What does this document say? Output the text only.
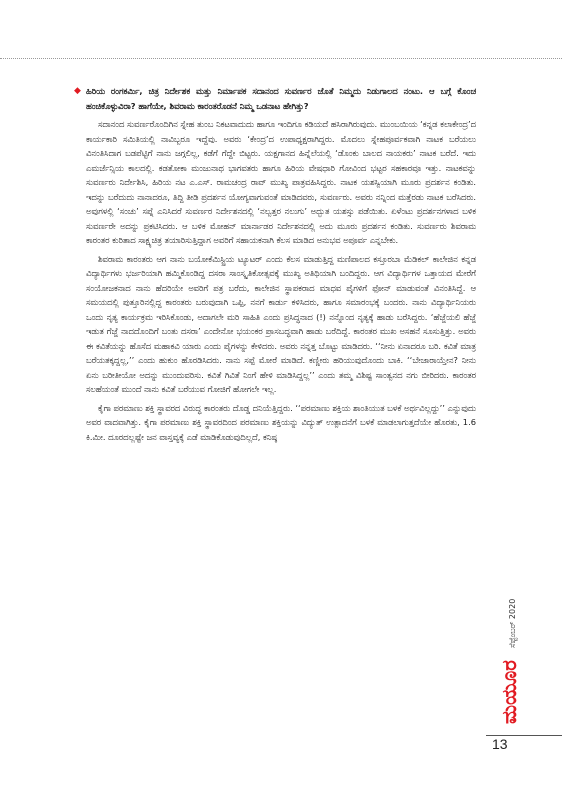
◆ ಹಿರಿಯ ರಂಗಕರ್ಮಿ, ಚಿತ್ರ ನಿರ್ದೇಶಕ ಮತ್ತು ನಿರ್ಮಾಪಕ ಸದಾನಂದ ಸುವರ್ಣರ ಜೊತೆ ನಿಮ್ಮದು ನಿಡುಗಾಲದ ನಂಟು. ಆ ಬಗ್ಗೆ ಕೊಂಚ ಹಂಚಿಕೊಳ್ಳುವಿರಾ? ಹಾಗೆಯೇ, ಶಿವರಾಮ ಕಾರಂತರೊಡನೆ ನಿಮ್ಮ ಒಡನಾಟ ಹೇಗಿತ್ತು?

ಸದಾನಂದ ಸುವರ್ಣರೊಂದಿಗಿನ ಸ್ನೇಹ ತುಂಬ ನಿಕಟವಾದುದು ಹಾಗೂ ಇಂದಿಗೂ ಕಡಿಯದೆ ಹಸಿರಾಗಿರುವುದು. ಮುಂಬಯಿಯ ‘ಕನ್ನಡ ಕಲಾಕೇಂದ್ರ’ದ ಕಾರ್ಯಕಾರಿ ಸಮಿತಿಯಲ್ಲಿ ನಾವಿಬ್ಬರೂ ಇದ್ದೆವು. ಅವರು ‘ಕೇಂದ್ರ’ದ ಉಪಾಧ್ಯಕ್ಷರಾಗಿದ್ದರು. ಮೊದಲು ಸ್ನೇಹಪೂರ್ವಕವಾಗಿ ನಾಟಕ ಬರೆಯಲು ವಿನಂತಿಸಿದಾಗ ಬಡಪೆಟ್ಟಿಗೆ ನಾನು ಜಗ್ಗಲಿಲ್ಲ, ಕಡೆಗೆ ಗೆದ್ದೇ ಬಿಟ್ಟರು. ಯಕ್ಷಗಾನದ ಹಿನ್ನೆಲೆಯಲ್ಲಿ ‘ಡೊಂಕು ಬಾಲದ ನಾಯಕರು’ ನಾಟಕ ಬರೆದೆ. ಇದು ಎಮರ್ಜೆನ್ಸಿಯ ಕಾಲದಲ್ಲಿ. ಕಡತೋಕಾ ಮಂಜುನಾಥ ಭಾಗವತರು ಹಾಗೂ ಹಿರಿಯ ವೇಷಧಾರಿ ಗೋವಿಂದ ಭಟ್ಟರ ಸಹಕಾರವೂ ಇತ್ತು. ನಾಟಕವನ್ನು ಸುವರ್ಣರು ನಿರ್ದೇಶಿಸಿ, ಹಿರಿಯ ನಟ ಎ.ಎಸ್. ರಾಮಚಂದ್ರ ರಾವ್ ಮುಖ್ಯ ಪಾತ್ರವಹಿಸಿದ್ದರು. ನಾಟಕ ಯಶಸ್ವಿಯಾಗಿ ಮೂರು ಪ್ರದರ್ಶನ ಕಂಡಿತು. ಇದನ್ನು ಬರೆದುದು ನಾನಾದರೂ, ತಿದ್ದಿ ತೀಡಿ ಪ್ರದರ್ಶನ ಯೋಗ್ಯವಾಗುವಂತೆ ಮಾಡಿದವರು, ಸುವರ್ಣರು. ಅವರು ನನ್ನಿಂದ ಮತ್ತೆರಡು ನಾಟಕ ಬರೆಸಿದರು. ಅವುಗಳಲ್ಲಿ ‘ಸಂಚು’ ಸಪ್ನೆ ಎನಿಸಿದರೆ ಸುವರ್ಣರ ನಿರ್ದೇಶನದಲ್ಲಿ ‘ನಲ್ವತ್ತರ ನಲುಗು’ ಅದ್ಭುತ ಯಶಸ್ಸು ಪಡೆಯಿತು. ಏಳೆಂಟು ಪ್ರದರ್ಶನಗಳಾದ ಬಳಿಕ ಸುವರ್ಣರೇ ಅದನ್ನು ಪ್ರಕಟಿಸಿದರು. ಆ ಬಳಿಕ ಮೋಹನ್ ಮಾರ್ನಾಡರ ನಿರ್ದೇಶನದಲ್ಲಿ ಅದು ಮೂರು ಪ್ರದರ್ಶನ ಕಂಡಿತು. ಸುವರ್ಣರು ಶಿವರಾಮ ಕಾರಂತರ ಕುರಿತಾದ ಸಾಕ್ಷ್ಯಚಿತ್ರ ತಯಾರಿಸುತ್ತಿದ್ದಾಗ ಅವರಿಗೆ ಸಹಾಯಕನಾಗಿ ಕೆಲಸ ಮಾಡಿದ ಅನುಭವ ಅಪೂರ್ವ ಎನ್ನಬೇಕು.

ಶಿವರಾಮ ಕಾರಂತರು ಆಗ ನಾನು ಬಯೋಕೆಮಿಸ್ಟ್ರಿಯ ಟ್ಯೂಟರ್ ಎಂದು ಕೆಲಸ ಮಾಡುತ್ತಿದ್ದ ಮಣಿಪಾಲದ ಕಸ್ತೂರಬಾ ಮೆಡಿಕಲ್ ಕಾಲೇಜಿನ ಕನ್ನಡ ವಿದ್ಯಾರ್ಥಿಗಳು ಭರ್ಜರಿಯಾಗಿ ಹಮ್ಮಿಕೊಂಡಿದ್ದ ದಸರಾ ಸಾಂಸ್ಕೃತಿಕೋತ್ಸವಕ್ಕೆ ಮುಖ್ಯ ಅತಿಥಿಯಾಗಿ ಬಂದಿದ್ದರು. ಆಗ ವಿದ್ಯಾರ್ಥಿಗಳ ಒತ್ತಾಯದ ಮೇರೆಗೆ ಸಂಯೋಜಕನಾದ ನಾನು ಹೆದರಿಯೇ ಅವರಿಗೆ ಪತ್ರ ಬರೆದು, ಕಾಲೇಜಿನ ಸ್ಥಾಪಕರಾದ ಮಾಧವ ಪೈಗಳಿಗೆ ಫೋನ್ ಮಾಡುವಂತೆ ವಿನಂತಿಸಿದ್ದೆ. ಆ ಸಮಯದಲ್ಲಿ ಪುತ್ತೂರಿನಲ್ಲಿದ್ದ ಕಾರಂತರು ಬರುವುದಾಗಿ ಒಪ್ಪಿ, ನನಗೆ ಕಾರ್ಡು ಕಳಿಸಿದರು, ಹಾಗೂ ಸಮಾರಂಭಕ್ಕೆ ಬಂದರು. ನಾನು ವಿದ್ಯಾರ್ಥಿನಿಯರು ಒಂದು ನೃತ್ಯ ಕಾರ್ಯಕ್ರಮ ಇರಿಸಿಕೊಂಡು, ಅದಾಗಲೇ ಮರಿ ಸಾಹಿತಿ ಎಂದು ಪ್ರಸಿದ್ಧನಾದ (!) ನನ್ನೊಂದ ನೃತ್ಯಕ್ಕೆ ಹಾಡು ಬರೆಸಿದ್ದರು. ‘ಹೆಜ್ಜೆಯಲಿ ಹೆಜ್ಜೆ ಇಡುತ ಗೆಜ್ಜೆ ನಾದದೊಂದಿಗೆ ಬಂತು ದಸರಾ’ ಎಂದೇನೋ ಭಯಂಕರ ಪ್ರಾಸಬದ್ಧವಾಗಿ ಹಾಡು ಬರೆದಿದ್ದೆ. ಕಾರಂತರ ಮುಖ ಅಸಹನೆ ಸೂಸುತ್ತಿತ್ತು. ಅವರು ಈ ಕವಿತೆಯನ್ನು ಹೊಸೆದ ಮಹಾಕವಿ ಯಾರು ಎಂದು ಪೈಗಳನ್ನು ಕೇಳಿದರು. ಅವರು ನನ್ನತ್ತ ಬೊಟ್ಟು ಮಾಡಿದರು. ‘‘ನೀನು ಏನಾದರೂ ಬರಿ. ಕವಿತೆ ಮಾತ್ರ ಬರೆಯತಕ್ಕದ್ದಲ್ಲ,’’ ಎಂದು ಹುಕುಂ ಹೊರಡಿಸಿದರು. ನಾನು ಸಪ್ಪೆ ಮೋರೆ ಮಾಡಿದೆ. ಕಣ್ಣೀರು ಹರಿಯುವುದೊಂದು ಬಾಕಿ. ‘‘ಬೇಜಾರಾಯ್ತೇನ? ನೀನು ಏನು ಬರೀತೀಯೋ ಅದನ್ನು ಮುಂದುವರಿಸು. ಕವಿತೆ ಗಿವಿತೆ ನಿಂಗೆ ಹೇಳಿ ಮಾಡಿಸಿದ್ದಲ್ಲ’’ ಎಂದು ತಮ್ಮ ವಿಶಿಷ್ಟ ಸಾಂತ್ವನದ ನಗು ಬೀರಿದರು. ಕಾರಂತರ ಸಲಹೆಯಂತೆ ಮುಂದೆ ನಾನು ಕವಿತೆ ಬರೆಯುವ ಗೋಜಿಗೆ ಹೋಗಲೇ ಇಲ್ಲ.

ಕೈಗಾ ಪರಮಾಣು ಶಕ್ತಿ ಸ್ಥಾವರದ ವಿರುದ್ಧ ಕಾರಂತರು ದೊಡ್ಡ ದನಿಯೆತ್ತಿದ್ದರು. ‘‘ಪರಮಾಣು ಶಕ್ತಿಯ ಶಾಂತಿಯುತ ಬಳಕೆ ಅರ್ಥವಿಲ್ಲದ್ದು’’ ಎನ್ನುವುದು ಅವರ ವಾದವಾಗಿತ್ತು. ಕೈಗಾ ಪರಮಾಣು ಶಕ್ತಿ ಸ್ಥಾವರದಿಂದ ಪರಮಾಣು ಶಕ್ತಿಯನ್ನು ವಿದ್ಯುತ್ ಉತ್ಪಾದನೆಗೆ ಬಳಕೆ ಮಾಡಲಾಗುತ್ತದೆಯೇ ಹೊರತು, 1.6 ಕಿ.ಮೀ. ದೂರದಲ್ಲಷ್ಟೇ ಜನ ವಾಸ್ತವ್ಯಕ್ಕೆ ಎಡೆ ಮಾಡಿಕೊಡುವುದಿಲ್ಲದೆ, ಕನಿಷ್ಠ

ಸೆಪ್ಟೆಂಬರ್ 2020
ಮಯೂರ
13
